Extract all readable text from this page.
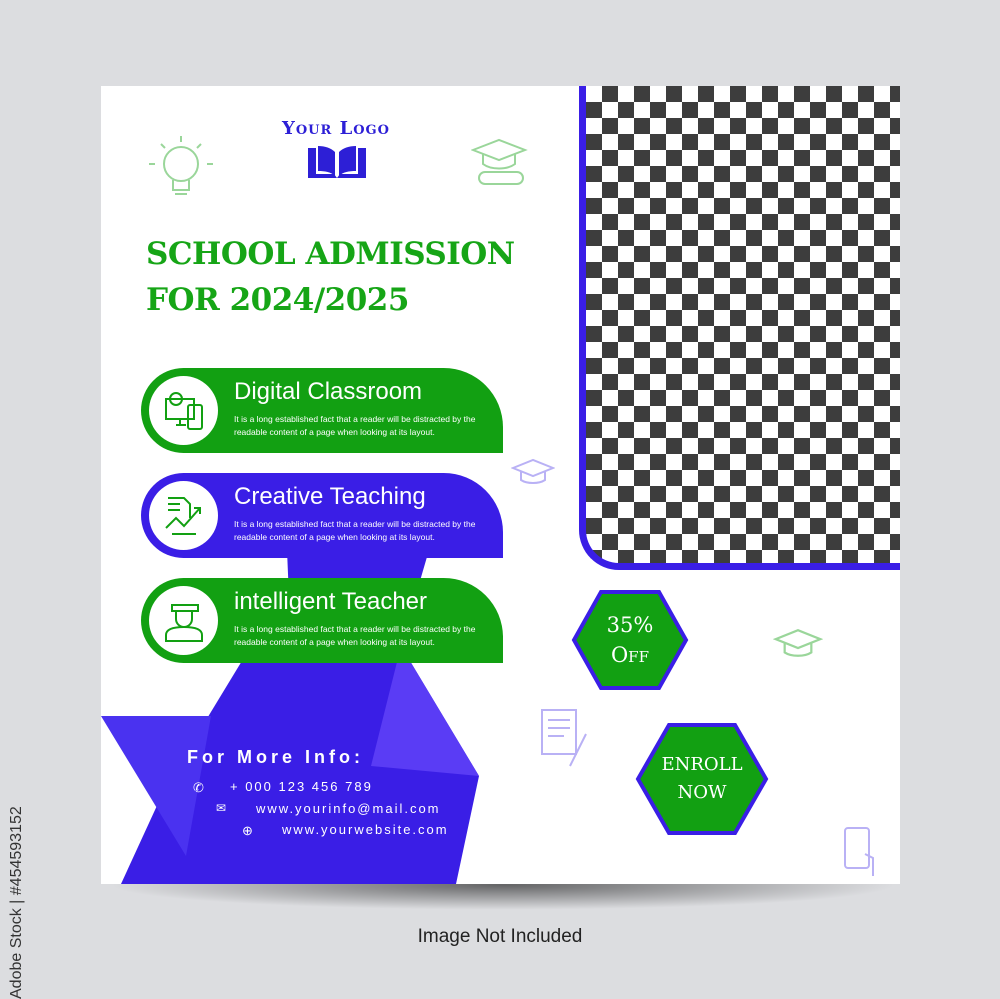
Your Logo
SCHOOL ADMISSION
FOR 2024/2025
Digital Classroom

It is a long established fact that a reader will be distracted by the readable content of a page when looking at its layout.

Creative Teaching

It is a long established fact that a reader will be distracted by the readable content of a page when looking at its layout.

intelligent Teacher

It is a long established fact that a reader will be distracted by the readable content of a page when looking at its layout.

35%
Off
ENROLL
NOW
For More Info:
✆ + 000 123 456 789
✉ www.yourinfo@mail.com
⊕ www.yourwebsite.com
Adobe Stock | #454593152	Image Not Included
